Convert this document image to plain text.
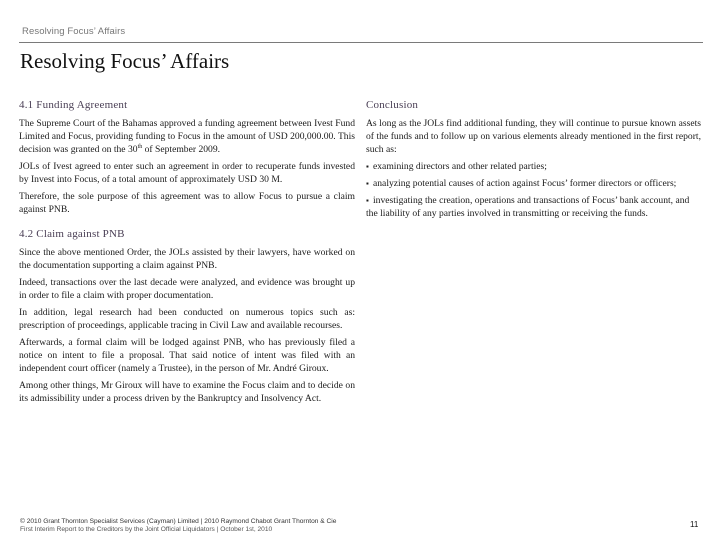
Resolving Focus’ Affairs
Resolving Focus’ Affairs
4.1 Funding Agreement

The Supreme Court of the Bahamas approved a funding agreement between Ivest Fund Limited and Focus, providing funding to Focus in the amount of USD 200,000.00. This decision was granted on the 30th of September 2009.

JOLs of Ivest agreed to enter such an agreement in order to recuperate funds invested by Invest into Focus, of a total amount of approximately USD 30 M.

Therefore, the sole purpose of this agreement was to allow Focus to pursue a claim against PNB.

Conclusion

As long as the JOLs find additional funding, they will continue to pursue known assets of the funds and to follow up on various elements already mentioned in the first report, such as:

▪ examining directors and other related parties;
▪ analyzing potential causes of action against Focus’ former directors or officers;
▪ investigating the creation, operations and transactions of Focus’ bank account, and the liability of any parties involved in transmitting or receiving the funds.
4.2 Claim against PNB

Since the above mentioned Order, the JOLs assisted by their lawyers, have worked on the documentation supporting a claim against PNB.

Indeed, transactions over the last decade were analyzed, and evidence was brought up in order to file a claim with proper documentation.

In addition, legal research had been conducted on numerous topics such as: prescription of proceedings, applicable tracing in Civil Law and available recourses.

Afterwards, a formal claim will be lodged against PNB, who has previously filed a notice on intent to file a proposal. That said notice of intent was filed with an independent court officer (namely a Trustee), in the person of Mr. André Giroux.

Among other things, Mr Giroux will have to examine the Focus claim and to decide on its admissibility under a process driven by the Bankruptcy and Insolvency Act.

© 2010 Grant Thornton Specialist Services (Cayman) Limited | 2010 Raymond Chabot Grant Thornton & Cie
First Interim Report to the Creditors by the Joint Official Liquidators | October 1st, 2010
11
